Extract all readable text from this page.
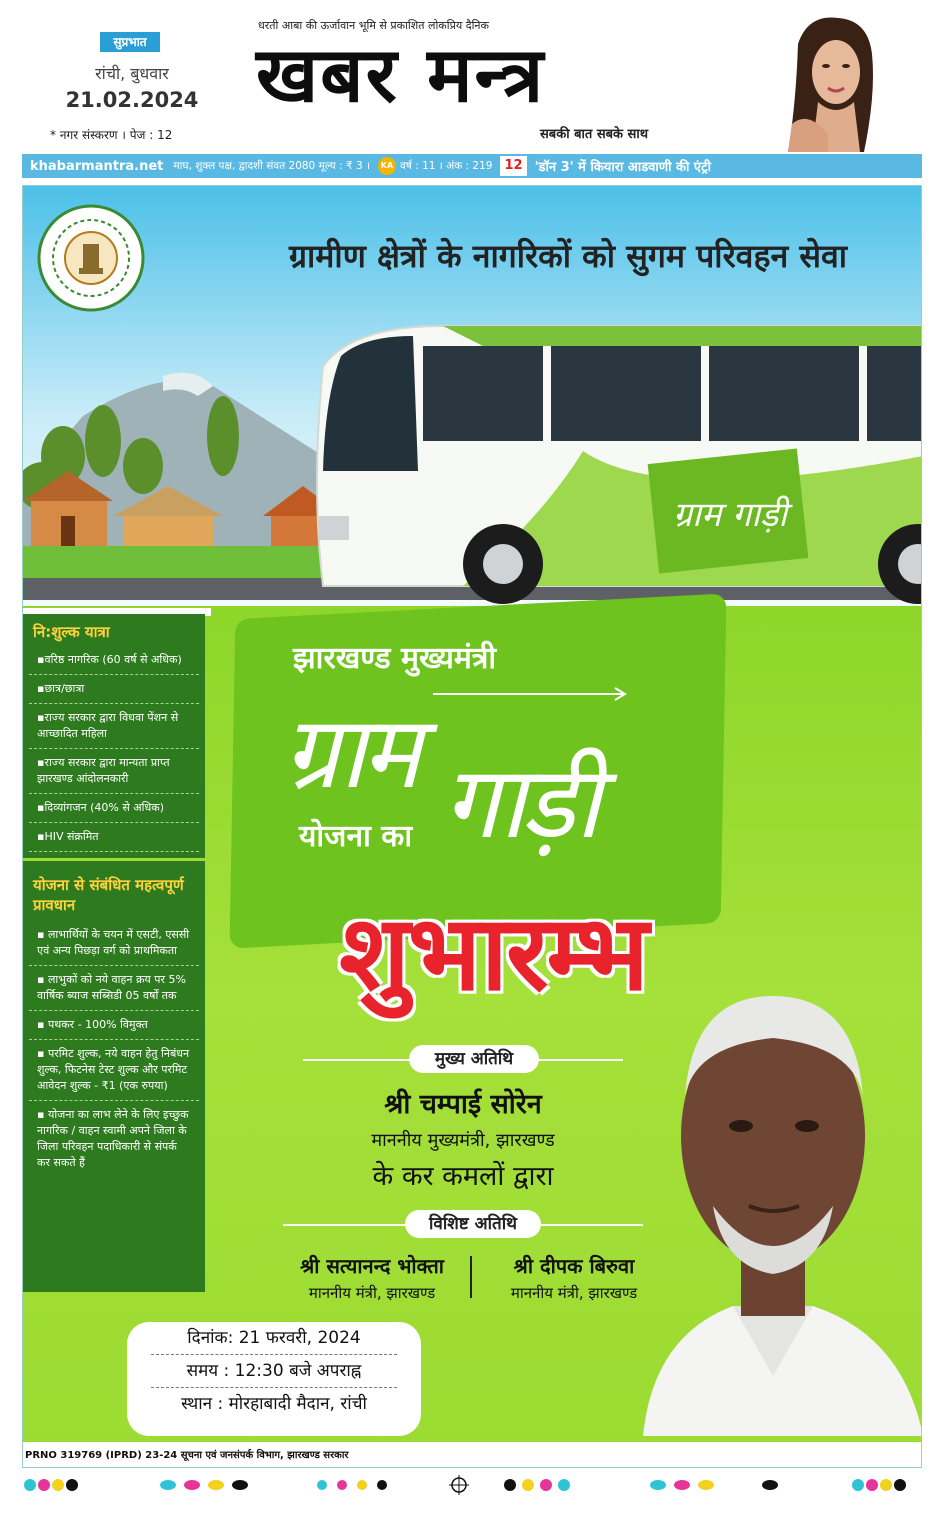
सुप्रभात
रांची, बुधवार
21.02.2024
* नगर संस्करण । पेज : 12
धरती आबा की ऊर्जावान भूमि से प्रकाशित लोकप्रिय दैनिक
खबर मन्त्र
सबकी बात सबके साथ
khabarmantra.net माघ, शुक्ल पक्ष, द्वादशी संवत 2080 मूल्य : ₹ 3 ।	KA वर्ष : 11 । अंक : 219 12 'डॉन 3' में कियारा आडवाणी की एंट्री
ग्राम गाड़ी
ग्रामीण क्षेत्रों के नागरिकों को सुगम परिवहन सेवा
नि:शुल्क यात्रा
▪वरिष्ठ नागरिक (60 वर्ष से अधिक)
▪छात्र/छात्रा
▪राज्य सरकार द्वारा विधवा पेंशन से आच्छादित महिला
▪राज्य सरकार द्वारा मान्यता प्राप्त झारखण्ड आंदोलनकारी
▪दिव्यांगजन (40% से अधिक)
▪HIV संक्रमित
योजना से संबंधित महत्वपूर्ण प्रावधान
▪ लाभार्थियों के चयन में एसटी, एससी एवं अन्य पिछड़ा वर्ग को प्राथमिकता
▪ लाभुकों को नये वाहन क्रय पर 5% वार्षिक ब्याज सब्सिडी 05 वर्षों तक
▪ पथकर - 100% विमुक्त
▪ परमिट शुल्क, नये वाहन हेतु निबंधन शुल्क, फिटनेस टेस्ट शुल्क और परमिट आवेदन शुल्क - ₹1 (एक रुपया)
▪ योजना का लाभ लेने के लिए इच्छुक नागरिक / वाहन स्वामी अपने जिला के जिला परिवहन पदाधिकारी से संपर्क कर सकते हैं
झारखण्ड मुख्यमंत्री
ग्राम गाड़ी
योजना का
शुभारम्भ
मुख्य अतिथि
श्री चम्पाई सोरेन
माननीय मुख्यमंत्री, झारखण्ड
के कर कमलों द्वारा
विशिष्ट अतिथि
श्री सत्यानन्द भोक्ता
माननीय मंत्री, झारखण्ड
श्री दीपक बिरुवा
माननीय मंत्री, झारखण्ड
दिनांक: 21 फरवरी, 2024
समय : 12:30 बजे अपराह्न
स्थान : मोरहाबादी मैदान, रांची
PRNO 319769 (IPRD) 23-24 सूचना एवं जनसंपर्क विभाग, झारखण्ड सरकार
